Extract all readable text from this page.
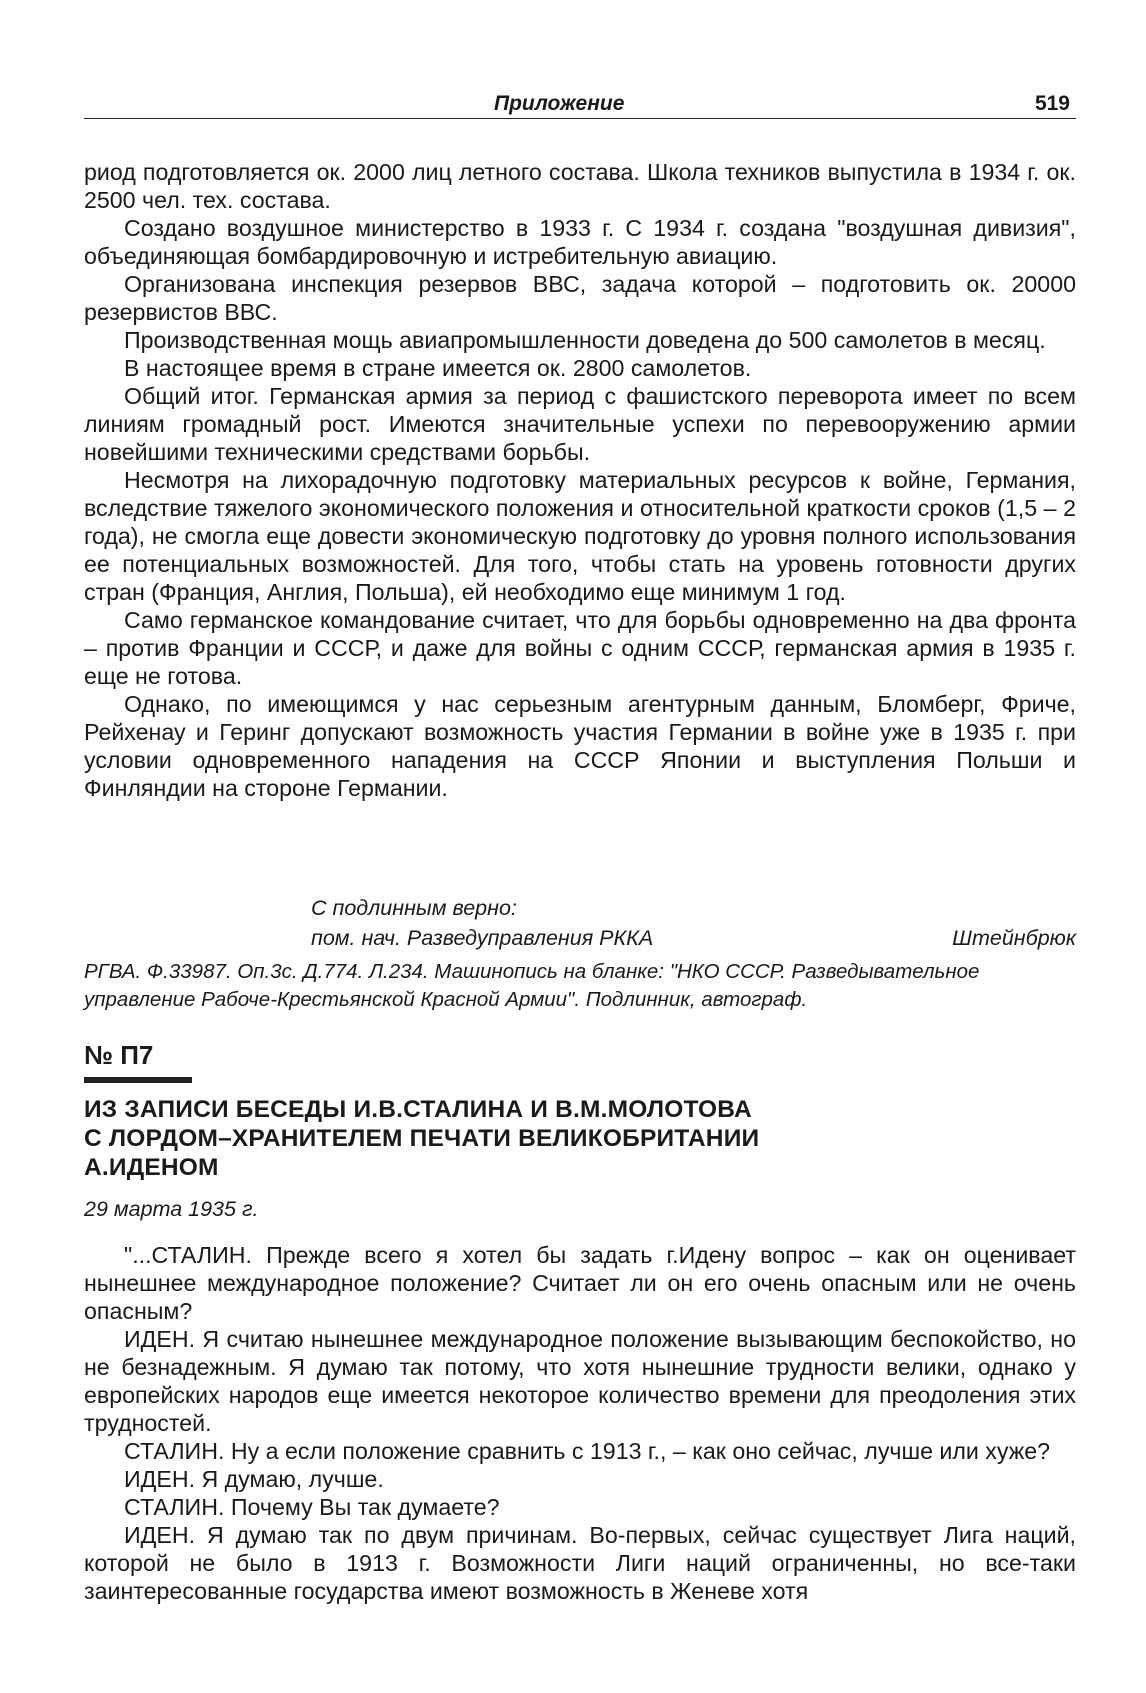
Приложение	519

риод подготовляется ок. 2000 лиц летного состава. Школа техников выпустила в 1934 г. ок. 2500 чел. тех. состава.

Создано воздушное министерство в 1933 г. С 1934 г. создана "воздушная дивизия", объединяющая бомбардировочную и истребительную авиацию.

Организована инспекция резервов ВВС, задача которой – подготовить ок. 20000 резервистов ВВС.

Производственная мощь авиапромышленности доведена до 500 самолетов в месяц.

В настоящее время в стране имеется ок. 2800 самолетов.

Общий итог. Германская армия за период с фашистского переворота имеет по всем линиям громадный рост. Имеются значительные успехи по перевооружению армии новейшими техническими средствами борьбы.

Несмотря на лихорадочную подготовку материальных ресурсов к войне, Германия, вследствие тяжелого экономического положения и относительной краткости сроков (1,5 – 2 года), не смогла еще довести экономическую подготовку до уровня полного использования ее потенциальных возможностей. Для того, чтобы стать на уровень готовности других стран (Франция, Англия, Польша), ей необходимо еще минимум 1 год.

Само германское командование считает, что для борьбы одновременно на два фронта – против Франции и СССР, и даже для войны с одним СССР, германская армия в 1935 г. еще не готова.

Однако, по имеющимся у нас серьезным агентурным данным, Бломберг, Фриче, Рейхенау и Геринг допускают возможность участия Германии в войне уже в 1935 г. при условии одновременного нападения на СССР Японии и выступления Польши и Финляндии на стороне Германии.

С подлинным верно:
пом. нач. Разведуправления РККА	Штейнбрюк
РГВА. Ф.33987. Оп.3с. Д.774. Л.234. Машинопись на бланке: "НКО СССР. Разведывательное управление Рабоче-Крестьянской Красной Армии". Подлинник, автограф.
№ П7
ИЗ ЗАПИСИ БЕСЕДЫ И.В.СТАЛИНА И В.М.МОЛОТОВА
С ЛОРДОМ–ХРАНИТЕЛЕМ ПЕЧАТИ ВЕЛИКОБРИТАНИИ
А.ИДЕНОМ
29 марта 1935 г.

"...СТАЛИН. Прежде всего я хотел бы задать г.Идену вопрос – как он оценивает нынешнее международное положение? Считает ли он его очень опасным или не очень опасным?

ИДЕН. Я считаю нынешнее международное положение вызывающим беспокойство, но не безнадежным. Я думаю так потому, что хотя нынешние трудности велики, однако у европейских народов еще имеется некоторое количество времени для преодоления этих трудностей.

СТАЛИН. Ну а если положение сравнить с 1913 г., – как оно сейчас, лучше или хуже?

ИДЕН. Я думаю, лучше.

СТАЛИН. Почему Вы так думаете?

ИДЕН. Я думаю так по двум причинам. Во-первых, сейчас существует Лига наций, которой не было в 1913 г. Возможности Лиги наций ограниченны, но все-таки заинтересованные государства имеют возможность в Женеве хотя
